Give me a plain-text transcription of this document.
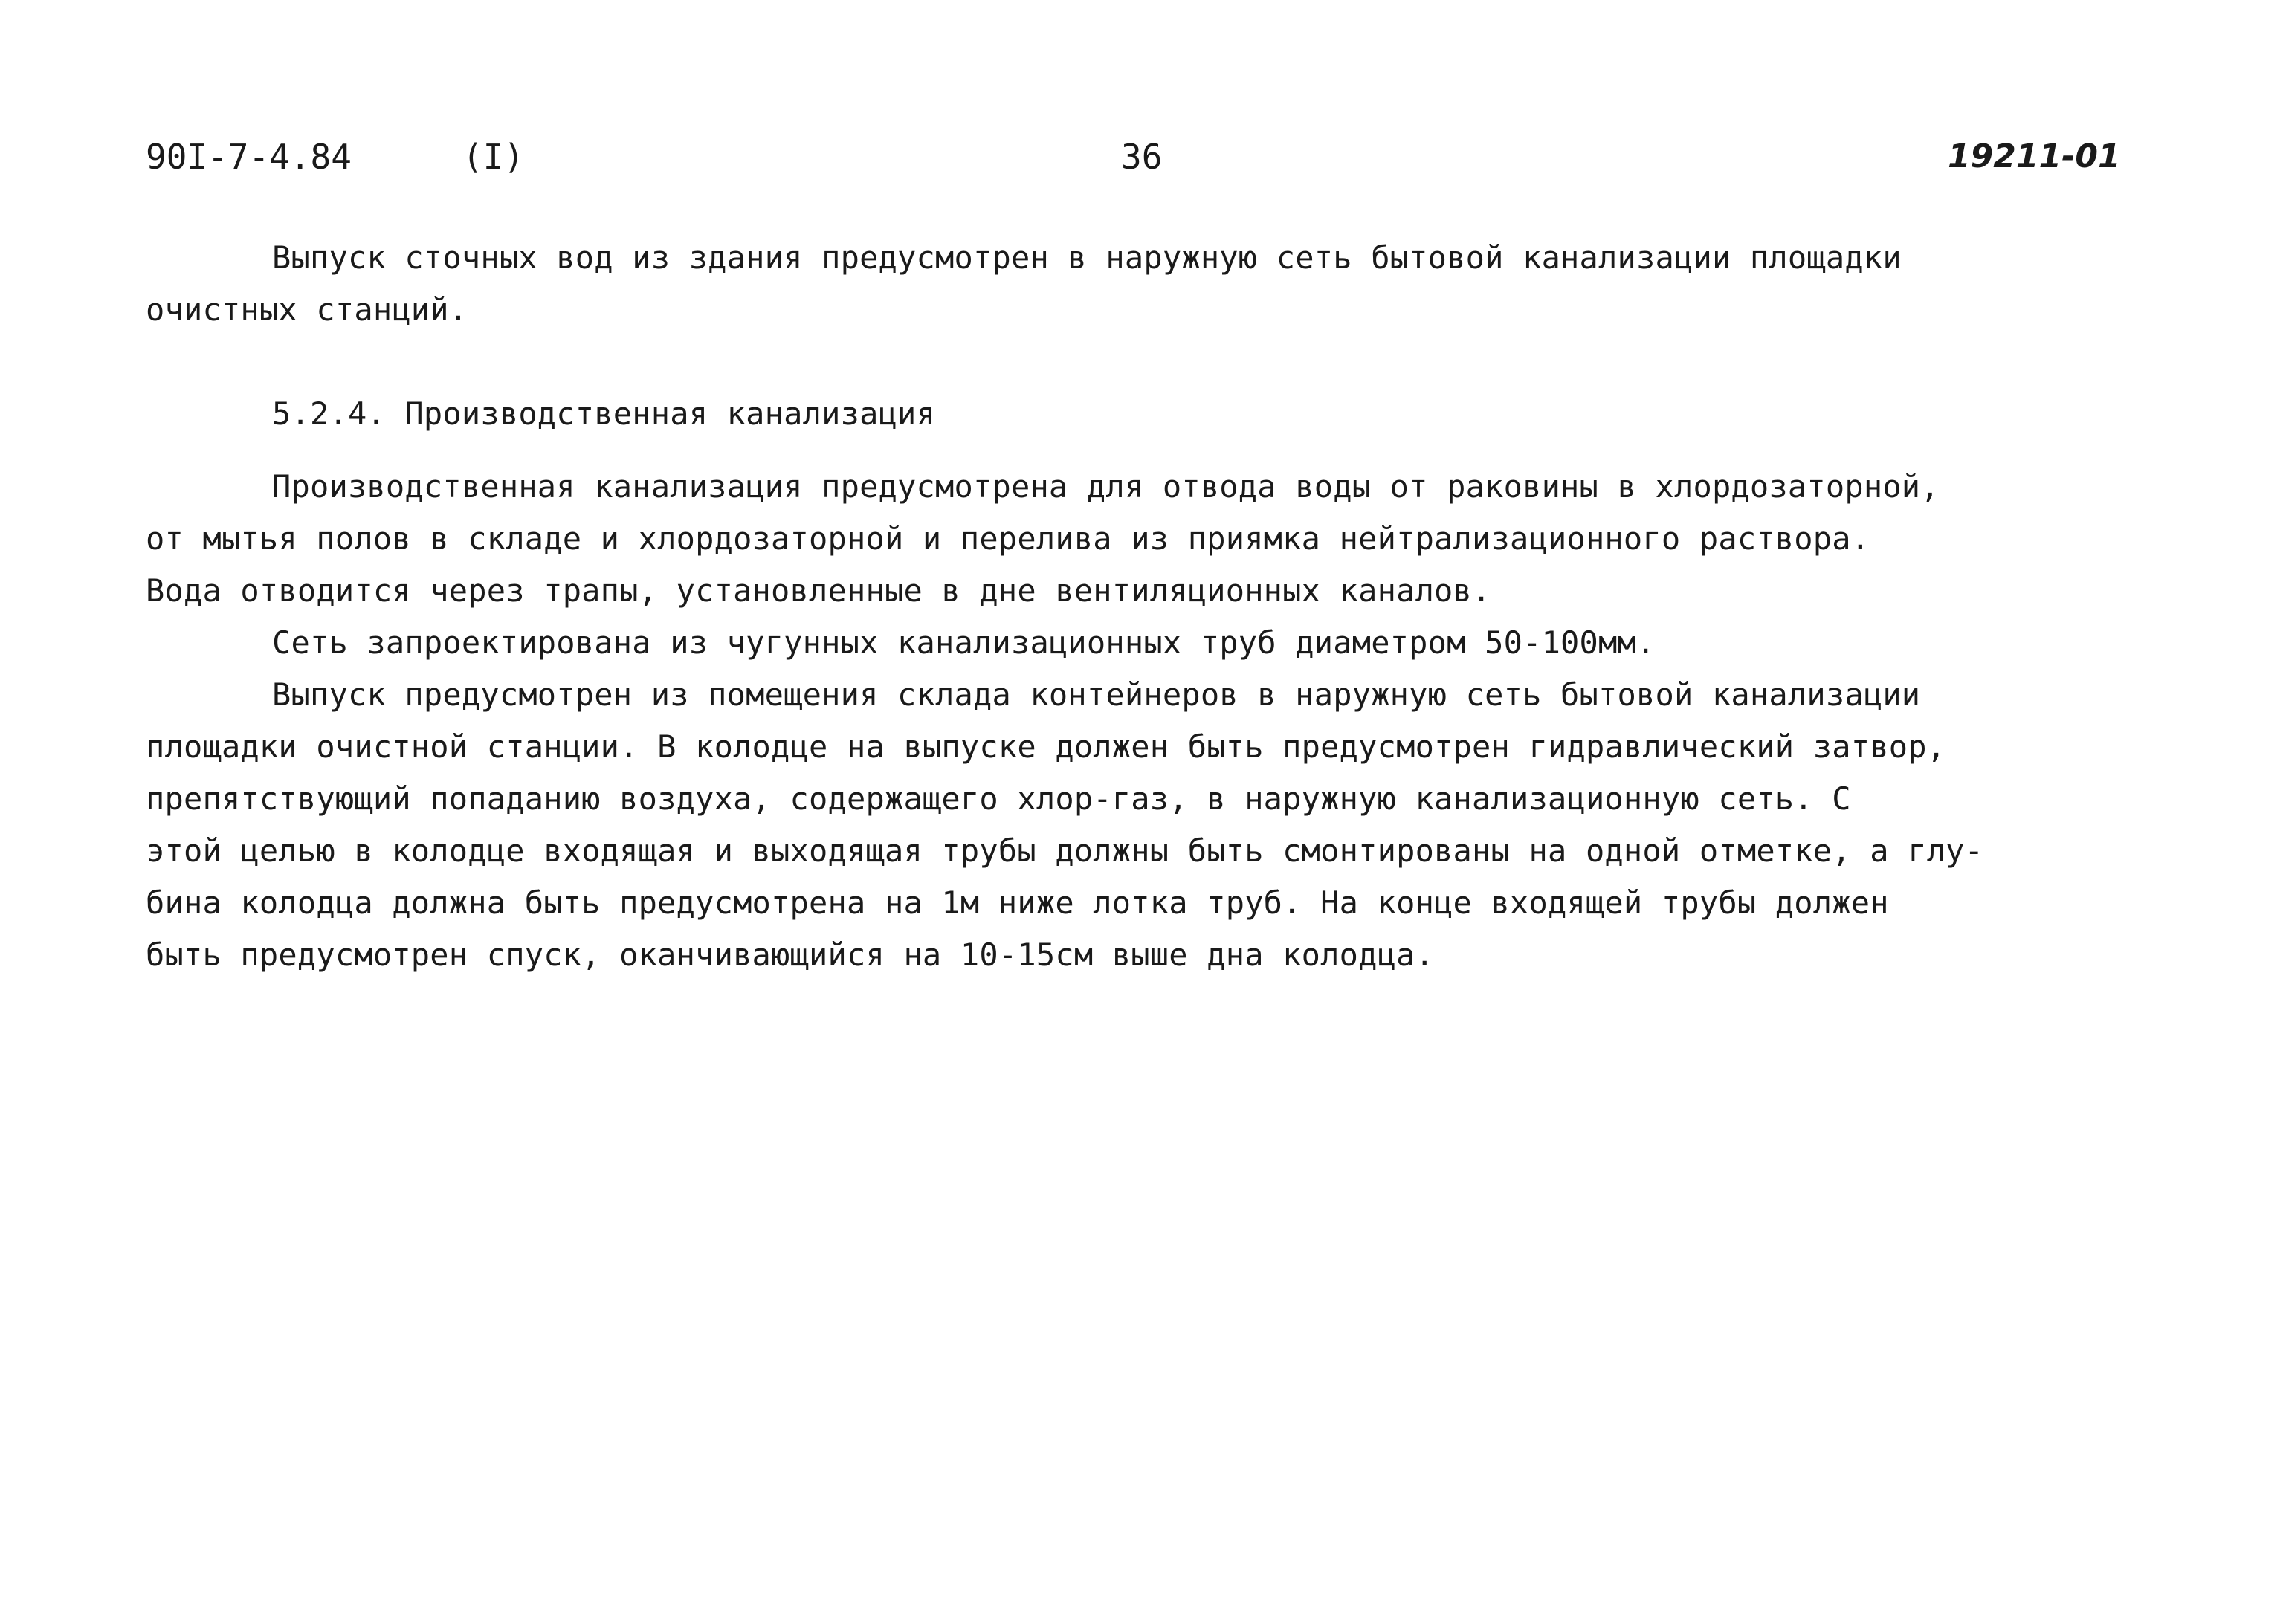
90I-7-4.84	(I)	36	19211-01
Выпуск сточных вод из здания предусмотрен в наружную сеть бытовой канализации площадки
очистных станций.
5.2.4. Производственная канализация
Производственная канализация предусмотрена для отвода воды от раковины в хлордозаторной,
от мытья полов в складе и хлордозаторной и перелива из приямка нейтрализационного раствора.
Вода отводится через трапы, установленные в дне вентиляционных каналов.
Сеть запроектирована из чугунных канализационных труб диаметром 50-100мм.
Выпуск предусмотрен из помещения склада контейнеров в наружную сеть бытовой канализации
площадки очистной станции. В колодце на выпуске должен быть предусмотрен гидравлический затвор,
препятствующий попаданию воздуха, содержащего хлор-газ, в наружную канализационную сеть. С
этой целью в колодце входящая и выходящая трубы должны быть смонтированы на одной отметке, а глу-
бина колодца должна быть предусмотрена на 1м ниже лотка труб. На конце входящей трубы должен
быть предусмотрен спуск, оканчивающийся на 10-15см выше дна колодца.
